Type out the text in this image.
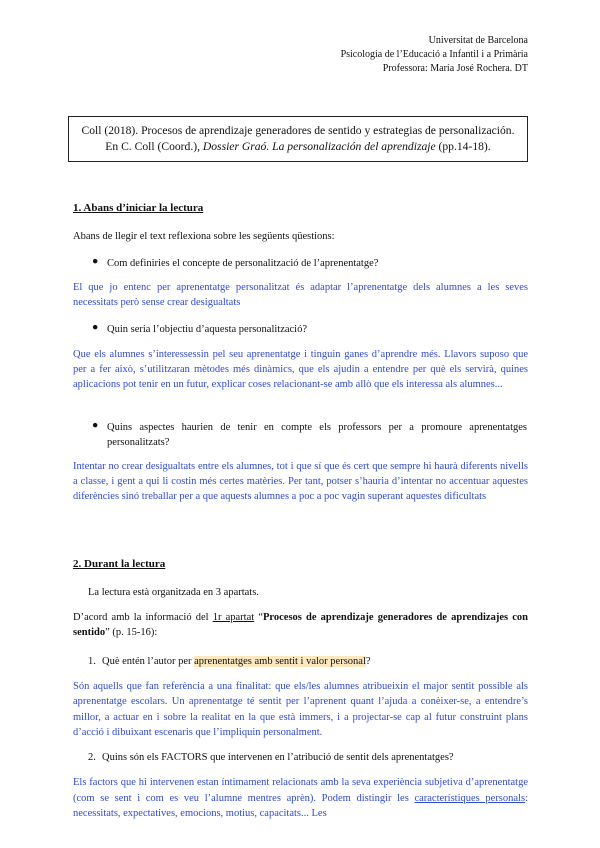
Universitat de Barcelona
Psicologia de l’Educació a Infantil i a Primària
Professora: María José Rochera. DT
Coll (2018). Procesos de aprendizaje generadores de sentido y estrategias de personalización. En C. Coll (Coord.), Dossier Graó. La personalización del aprendizaje (pp.14-18).
1. Abans d’iniciar la lectura
Abans de llegir el text reflexiona sobre les següents qüestions:
● Com definiries el concepte de personalització de l’aprenentatge?
El que jo entenc per aprenentatge personalitzat és adaptar l’aprenentatge dels alumnes a les seves necessitats però sense crear desigualtats
● Quin seria l’objectiu d’aquesta personalització?
Que els alumnes s’interessessin pel seu aprenentatge i tinguin ganes d’aprendre més. Llavors suposo que per a fer això, s’utilitzaran mètodes més dinàmics, que els ajudin a entendre per què els servirà, quines aplicacions pot tenir en un futur, explicar coses relacionant-se amb allò que els interessa als alumnes...
● Quins aspectes haurien de tenir en compte els professors per a promoure aprenentatges personalitzats?
Intentar no crear desigualtats entre els alumnes, tot i que sí que és cert que sempre hi haurà diferents nivells a classe, i gent a qui li costin més certes matèries. Per tant, potser s’hauria d’intentar no accentuar aquestes diferències sinó treballar per a que aquests alumnes a poc a poc vagin superant aquestes dificultats
2. Durant la lectura
La lectura està organitzada en 3 apartats.
D’acord amb la informació del 1r apartat “Procesos de aprendizaje generadores de aprendizajes con sentido” (p. 15-16):
1. Què entén l’autor per aprenentatges amb sentit i valor personal?
Són aquells que fan referència a una finalitat: que els/les alumnes atribueixin el major sentit possible als aprenentatge escolars. Un aprenentatge té sentit per l’aprenent quant l’ajuda a conèixer-se, a entendre’s millor, a actuar en i sobre la realitat en la que està immers, i a projectar-se cap al futur construint plans d’acció i dibuixant escenaris que l’impliquin personalment.
2. Quins són els FACTORS que intervenen en l’atribució de sentit dels aprenentatges?
Els factors que hi intervenen estan íntimament relacionats amb la seva experiència subjetiva d’aprenentatge (com se sent i com es veu l’alumne mentres aprèn). Podem distingir les característiques personals: necessitats, expectatives, emocions, motius, capacitats... Les
